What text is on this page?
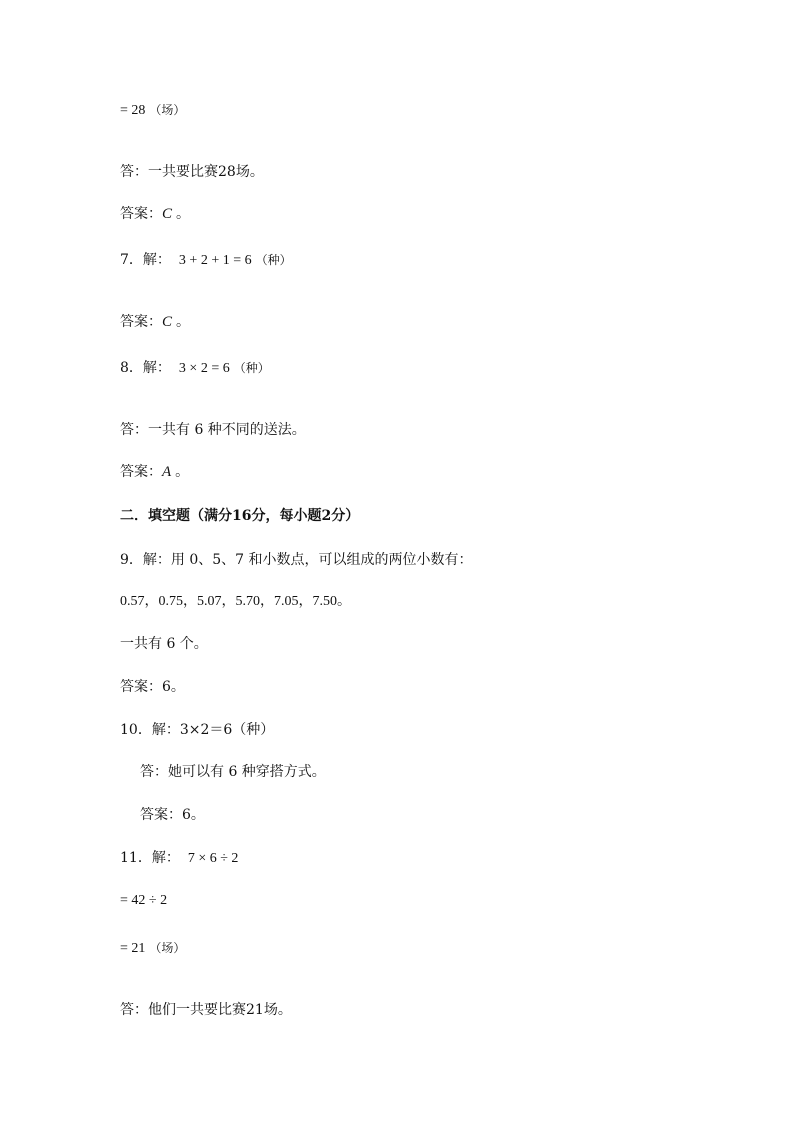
= 28 （场）
答：一共要比赛28场。
答案：C 。
7．解： 3 + 2 + 1 = 6 （种）
答案：C 。
8．解： 3 × 2 = 6 （种）
答：一共有 6 种不同的送法。
答案：A 。
二．填空题（满分16分，每小题2分）
9．解：用 0、5、7 和小数点，可以组成的两位小数有：
0.57，0.75，5.07，5.70，7.05，7.50。
一共有 6 个。
答案：6。
10．解：3×2＝6（种）
答：她可以有 6 种穿搭方式。
答案：6。
11．解： 7 × 6 ÷ 2
= 42 ÷ 2
= 21 （场）
答：他们一共要比赛21场。
